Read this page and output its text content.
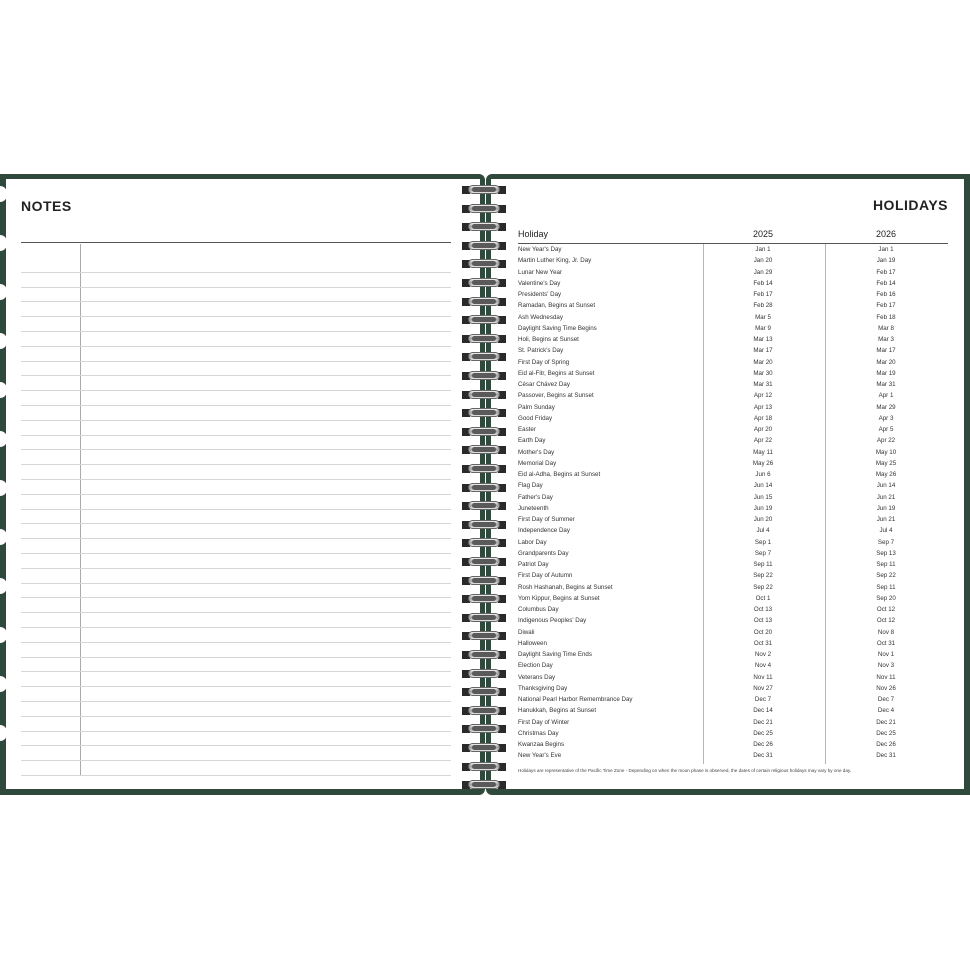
NOTES	HOLIDAYS
Holiday	2025	2026
New Year's Day	Jan 1	Jan 1
Martin Luther King, Jr. Day	Jan 20	Jan 19
Lunar New Year	Jan 29	Feb 17
Valentine's Day	Feb 14	Feb 14
Presidents' Day	Feb 17	Feb 16
Ramadan, Begins at Sunset	Feb 28	Feb 17
Ash Wednesday	Mar 5	Feb 18
Daylight Saving Time Begins	Mar 9	Mar 8
Holi, Begins at Sunset	Mar 13	Mar 3
St. Patrick's Day	Mar 17	Mar 17
First Day of Spring	Mar 20	Mar 20
Eid al-Fitr, Begins at Sunset	Mar 30	Mar 19
César Chávez Day	Mar 31	Mar 31
Passover, Begins at Sunset	Apr 12	Apr 1
Palm Sunday	Apr 13	Mar 29
Good Friday	Apr 18	Apr 3
Easter	Apr 20	Apr 5
Earth Day	Apr 22	Apr 22
Mother's Day	May 11	May 10
Memorial Day	May 26	May 25
Eid al-Adha, Begins at Sunset	Jun 6	May 26
Flag Day	Jun 14	Jun 14
Father's Day	Jun 15	Jun 21
Juneteenth	Jun 19	Jun 19
First Day of Summer	Jun 20	Jun 21
Independence Day	Jul 4	Jul 4
Labor Day	Sep 1	Sep 7
Grandparents Day	Sep 7	Sep 13
Patriot Day	Sep 11	Sep 11
First Day of Autumn	Sep 22	Sep 22
Rosh Hashanah, Begins at Sunset	Sep 22	Sep 11
Yom Kippur, Begins at Sunset	Oct 1	Sep 20
Columbus Day	Oct 13	Oct 12
Indigenous Peoples' Day	Oct 13	Oct 12
Diwali	Oct 20	Nov 8
Halloween	Oct 31	Oct 31
Daylight Saving Time Ends	Nov 2	Nov 1
Election Day	Nov 4	Nov 3
Veterans Day	Nov 11	Nov 11
Thanksgiving Day	Nov 27	Nov 26
National Pearl Harbor Remembrance Day	Dec 7	Dec 7
Hanukkah, Begins at Sunset	Dec 14	Dec 4
First Day of Winter	Dec 21	Dec 21
Christmas Day	Dec 25	Dec 25
Kwanzaa Begins	Dec 26	Dec 26
New Year's Eve	Dec 31	Dec 31
Holidays are representative of the Pacific Time Zone · Depending on when the moon phase is observed, the dates of certain religious holidays may vary by one day.
